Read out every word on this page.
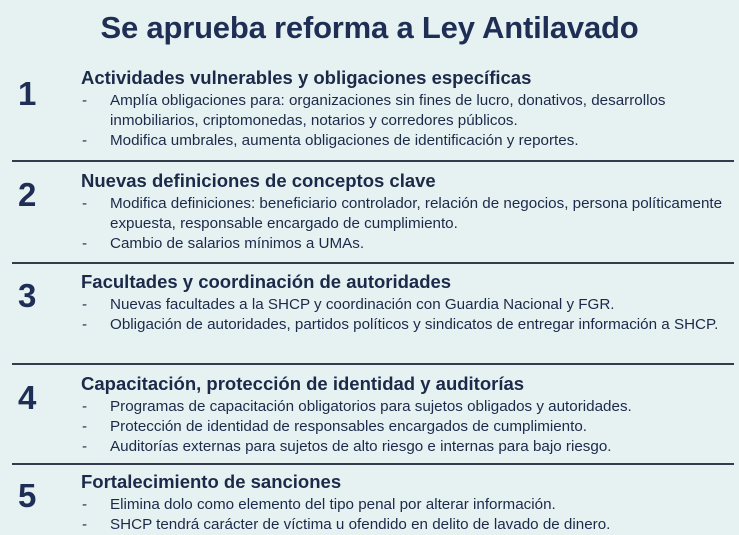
Se aprueba reforma a Ley Antilavado
1 Actividades vulnerables y obligaciones específicas
- Amplía obligaciones para: organizaciones sin fines de lucro, donativos, desarrollos inmobiliarios, criptomonedas, notarios y corredores públicos.
- Modifica umbrales, aumenta obligaciones de identificación y reportes.
2 Nuevas definiciones de conceptos clave
- Modifica definiciones: beneficiario controlador, relación de negocios, persona políticamente expuesta, responsable encargado de cumplimiento.
- Cambio de salarios mínimos a UMAs.
3 Facultades y coordinación de autoridades
- Nuevas facultades a la SHCP y coordinación con Guardia Nacional y FGR.
- Obligación de autoridades, partidos políticos y sindicatos de entregar información a SHCP.
4 Capacitación, protección de identidad y auditorías
- Programas de capacitación obligatorios para sujetos obligados y autoridades.
- Protección de identidad de responsables encargados de cumplimiento.
- Auditorías externas para sujetos de alto riesgo e internas para bajo riesgo.
5 Fortalecimiento de sanciones
- Elimina dolo como elemento del tipo penal por alterar información.
- SHCP tendrá carácter de víctima u ofendido en delito de lavado de dinero.
